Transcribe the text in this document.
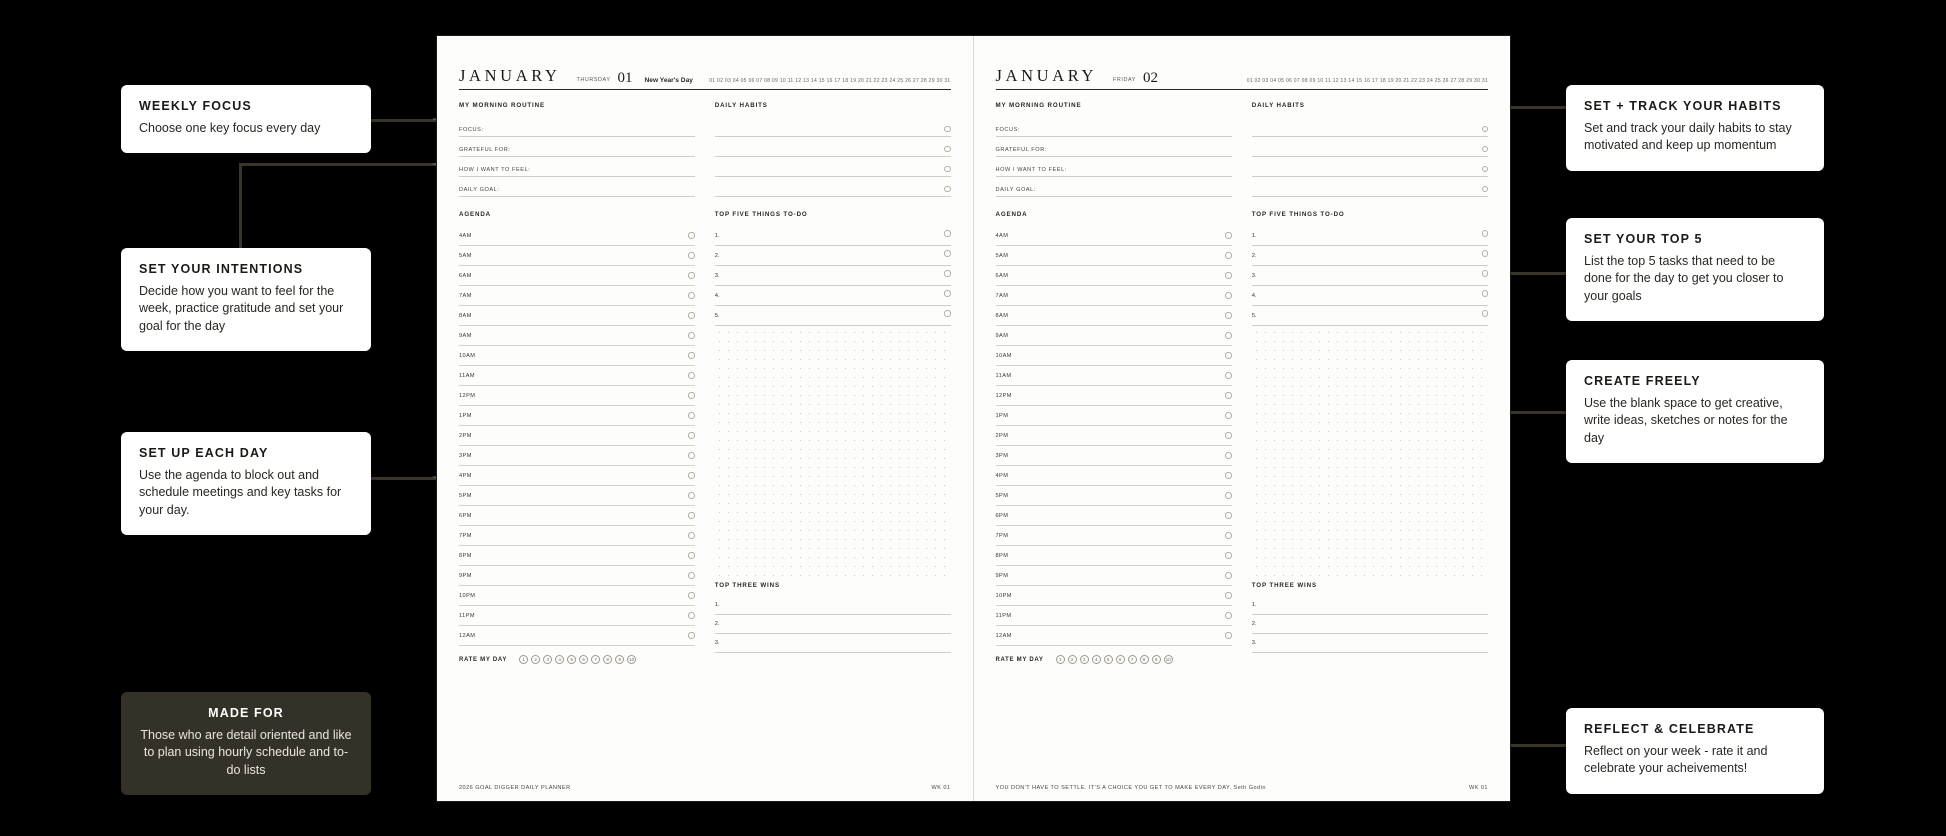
+
+
+
+
+
+
+
WEEKLY FOCUS
Choose one key focus every day
SET YOUR INTENTIONS
Decide how you want to feel for the week, practice gratitude and set your goal for the day
SET UP EACH DAY
Use the agenda to block out and schedule meetings and key tasks for your day.
MADE FOR
Those who are detail oriented and like to plan using hourly schedule and to-do lists
SET + TRACK YOUR HABITS
Set and track your daily habits to stay motivated and keep up momentum
SET YOUR TOP 5
List the top 5 tasks that need to be done for the day to get you closer to your goals
CREATE FREELY
Use the blank space to get creative, write ideas, sketches or notes for the day
REFLECT & CELEBRATE
Reflect on your week - rate it and celebrate your acheivements!
JANUARY	THURSDAY 01 New Year's Day	01 02 03 04 05 06 07 08 09 10 11 12 13 14 15 16 17 18 19 20 21 22 23 24 25 26 27 28 29 30 31
MY MORNING ROUTINE
FOCUS:
GRATEFUL FOR:
HOW I WANT TO FEEL:
DAILY GOAL:
DAILY HABITS
AGENDA
4AM
5AM
6AM
7AM
8AM
9AM
10AM
11AM
12PM
1PM
2PM
3PM
4PM
5PM
6PM
7PM
8PM
9PM
10PM
11PM
12AM
RATE MY DAY	1	2	3	4	5	6	7	8	9	10
TOP FIVE THINGS TO-DO
1.
2.
3.
4.
5.
TOP THREE WINS
1.
2.
3.
2026 GOAL DIGGER DAILY PLANNER	WK 01
JANUARY	FRIDAY 02	01 02 03 04 05 06 07 08 09 10 11 12 13 14 15 16 17 18 19 20 21 22 23 24 25 26 27 28 29 30 31
MY MORNING ROUTINE
FOCUS:
GRATEFUL FOR:
HOW I WANT TO FEEL:
DAILY GOAL:
DAILY HABITS
AGENDA
4AM
5AM
6AM
7AM
8AM
9AM
10AM
11AM
12PM
1PM
2PM
3PM
4PM
5PM
6PM
7PM
8PM
9PM
10PM
11PM
12AM
RATE MY DAY	1	2	3	4	5	6	7	8	9	10
TOP FIVE THINGS TO-DO
1.
2.
3.
4.
5.
TOP THREE WINS
1.
2.
3.
YOU DON'T HAVE TO SETTLE. IT'S A CHOICE YOU GET TO MAKE EVERY DAY. Seth Godin	WK 01
